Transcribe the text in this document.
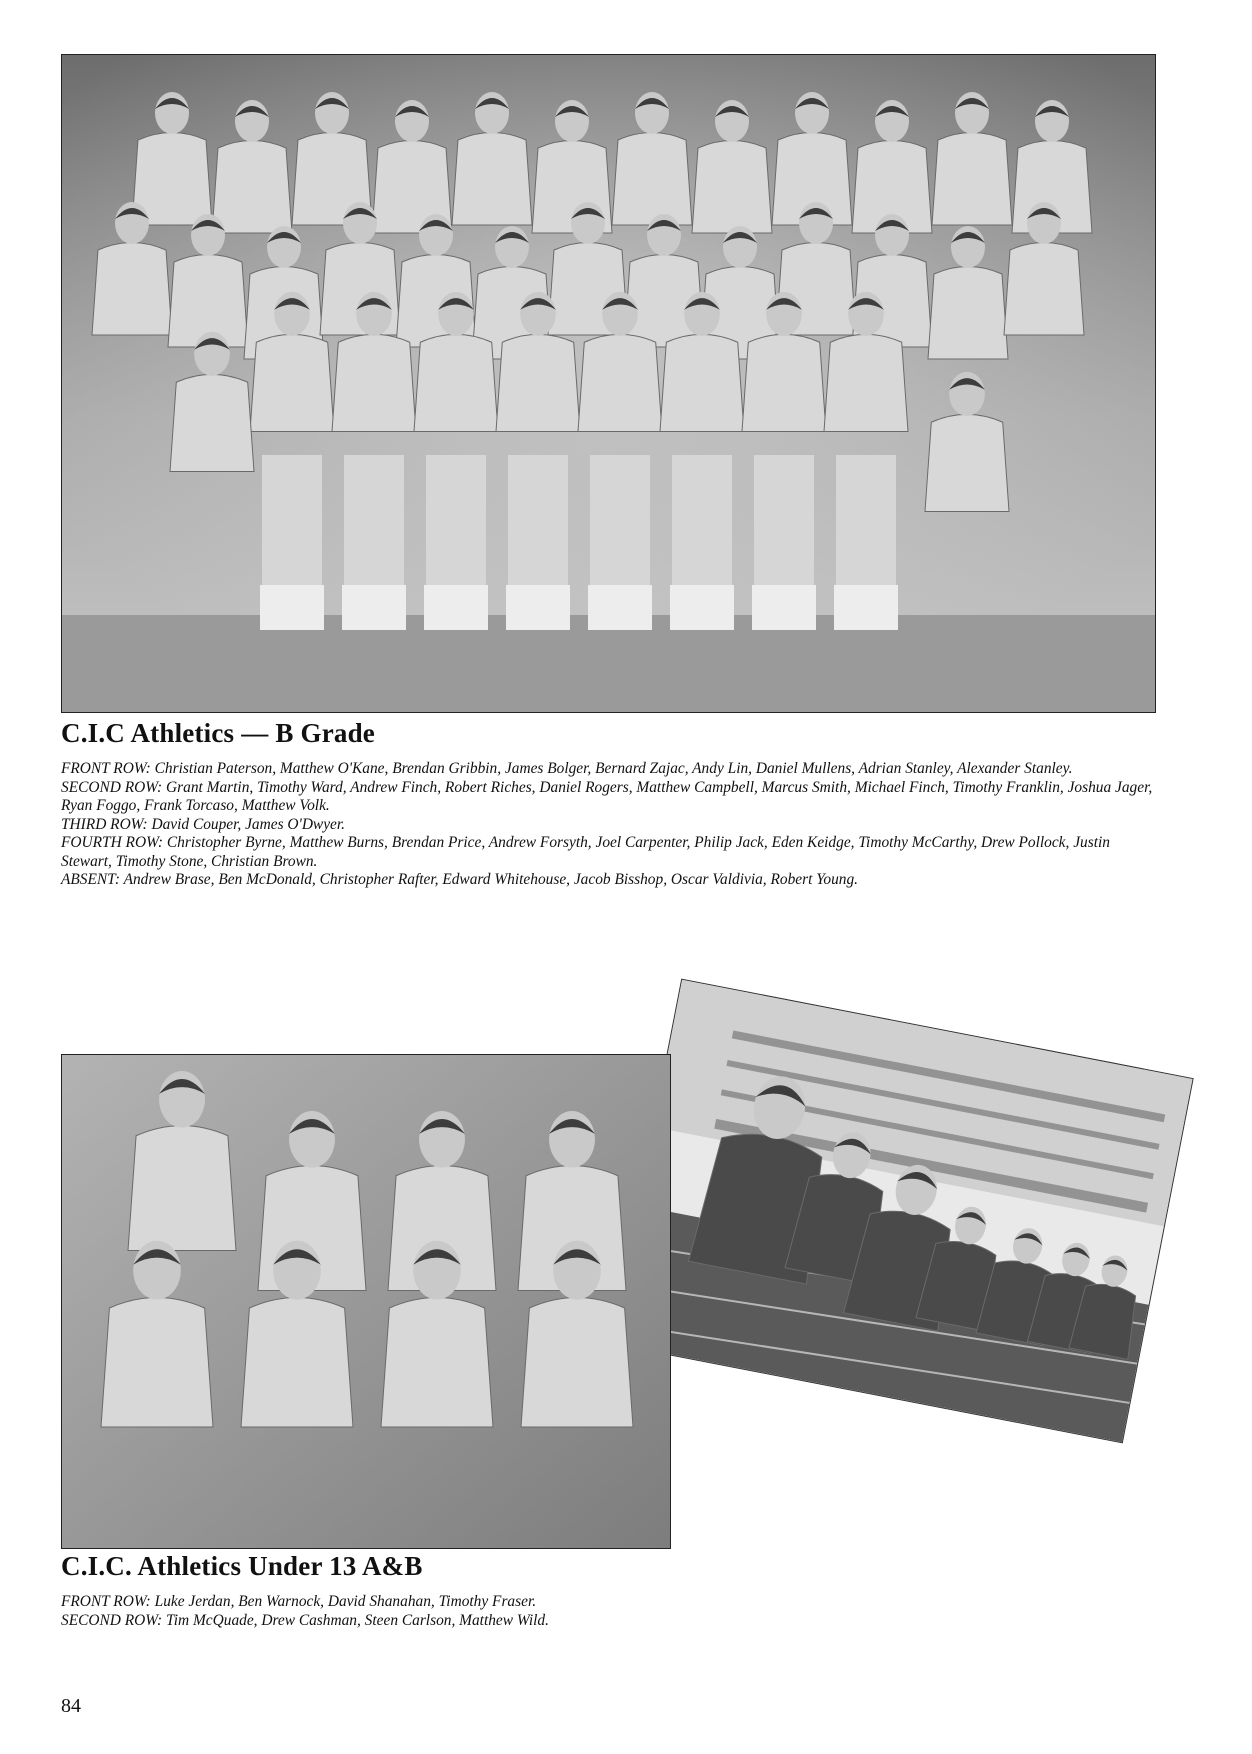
C.I.C Athletics — B Grade

FRONT ROW: Christian Paterson, Matthew O'Kane, Brendan Gribbin, James Bolger, Bernard Zajac, Andy Lin, Daniel Mullens, Adrian Stanley, Alexander Stanley.

SECOND ROW: Grant Martin, Timothy Ward, Andrew Finch, Robert Riches, Daniel Rogers, Matthew Campbell, Marcus Smith, Michael Finch, Timothy Franklin, Joshua Jager, Ryan Foggo, Frank Torcaso, Matthew Volk.

THIRD ROW: David Couper, James O'Dwyer.

FOURTH ROW: Christopher Byrne, Matthew Burns, Brendan Price, Andrew Forsyth, Joel Carpenter, Philip Jack, Eden Keidge, Timothy McCarthy, Drew Pollock, Justin Stewart, Timothy Stone, Christian Brown.

ABSENT: Andrew Brase, Ben McDonald, Christopher Rafter, Edward Whitehouse, Jacob Bisshop, Oscar Valdivia, Robert Young.

C.I.C. Athletics Under 13 A&B

FRONT ROW: Luke Jerdan, Ben Warnock, David Shanahan, Timothy Fraser.

SECOND ROW: Tim McQuade, Drew Cashman, Steen Carlson, Matthew Wild.

84
